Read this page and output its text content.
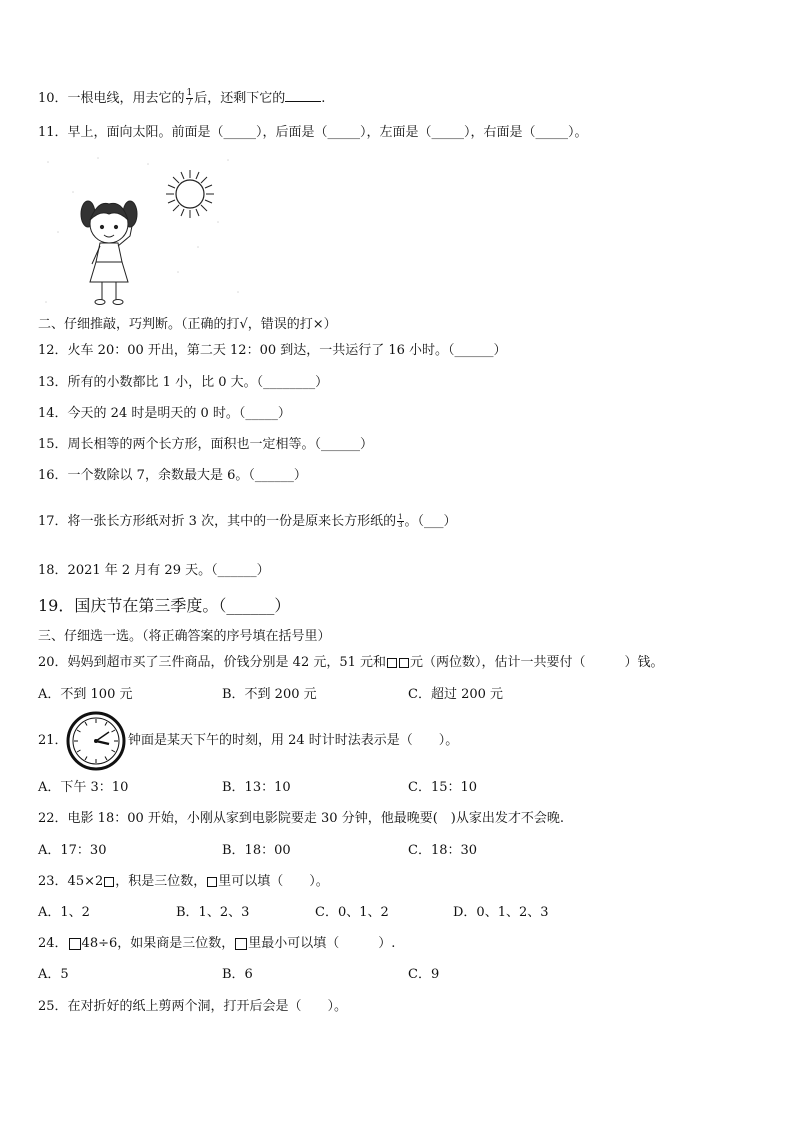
10．一根电线，用去它的 $\frac{1}{7}$ 后，还剩下它的	.
11．早上，面向太阳。前面是（_____），后面是（_____），左面是（_____），右面是（_____）。
二、仔细推敲，巧判断。（正确的打√，错误的打×）
12．火车 20：00 开出，第二天 12：00 到达，一共运行了 16 小时。（______）
13．所有的小数都比 1 小，比 0 大。（________）
14．今天的 24 时是明天的 0 时。（_____）
15．周长相等的两个长方形，面积也一定相等。（______）
16．一个数除以 7，余数最大是 6。（______）
17．将一张长方形纸对折 3 次，其中的一份是原来长方形纸的 $\frac{1}{3}$ 。（___）
18．2021 年 2 月有 29 天。（______）
19．国庆节在第三季度。（______）
三、仔细选一选。（将正确答案的序号填在括号里）
20．妈妈到超市买了三件商品，价钱分别是 42 元，51 元和 元（两位数），估计一共要付（　　　）钱。
A．不到 100 元	B．不到 200 元	C．超过 200 元
21．	钟面是某天下午的时刻，用 24 时计时法表示是（　　）。
A．下午 3：10	B．13：10	C．15：10
22．电影 18：00 开始，小刚从家到电影院要走 30 分钟，他最晚要(　)从家出发才不会晚.
A．17：30	B．18：00	C．18：30
23．45×2 ，积是三位数， 里可以填（　　）。
A．1、2	B．1、2、3	C．0、1、2	D．0、1、2、3
24． 48÷6，如果商是三位数， 里最小可以填（　　　）.
A．5	B．6	C．9
25．在对折好的纸上剪两个洞，打开后会是（　　）。
